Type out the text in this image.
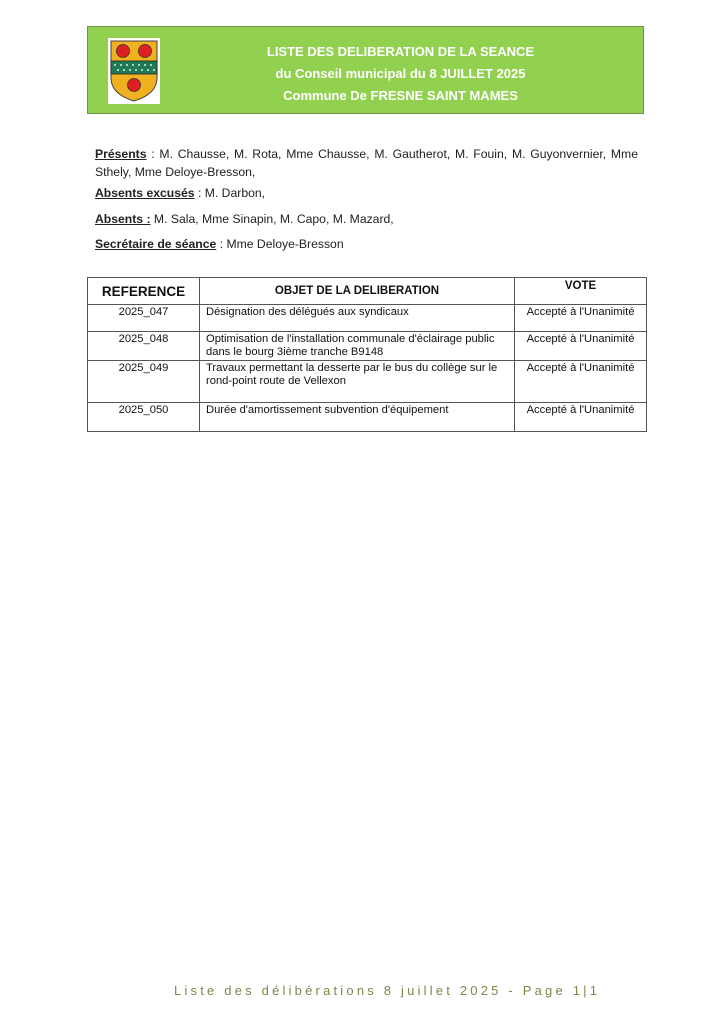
LISTE DES DELIBERATION DE LA SEANCE
du Conseil municipal du 8 JUILLET 2025
Commune De FRESNE SAINT MAMES

Présents : M. Chausse, M. Rota, Mme Chausse, M. Gautherot, M. Fouin, M. Guyonvernier, Mme Sthely, Mme Deloye-Bresson,

Absents excusés : M. Darbon,

Absents : M. Sala, Mme Sinapin, M. Capo, M. Mazard,

Secrétaire de séance : Mme Deloye-Bresson

REFERENCE	OBJET DE LA DELIBERATION	VOTE
2025_047	Désignation des délégués aux syndicaux	Accepté à l'Unanimité
2025_048	Optimisation de l'installation communale d'éclairage public dans le bourg 3ième tranche B9148	Accepté à l'Unanimité
2025_049	Travaux permettant la desserte par le bus du collège sur le rond-point route de Vellexon	Accepté à l'Unanimité
2025_050	Durée d'amortissement subvention d'équipement	Accepté à l'Unanimité
Liste des délibérations 8 juillet 2025 - Page 1|1
